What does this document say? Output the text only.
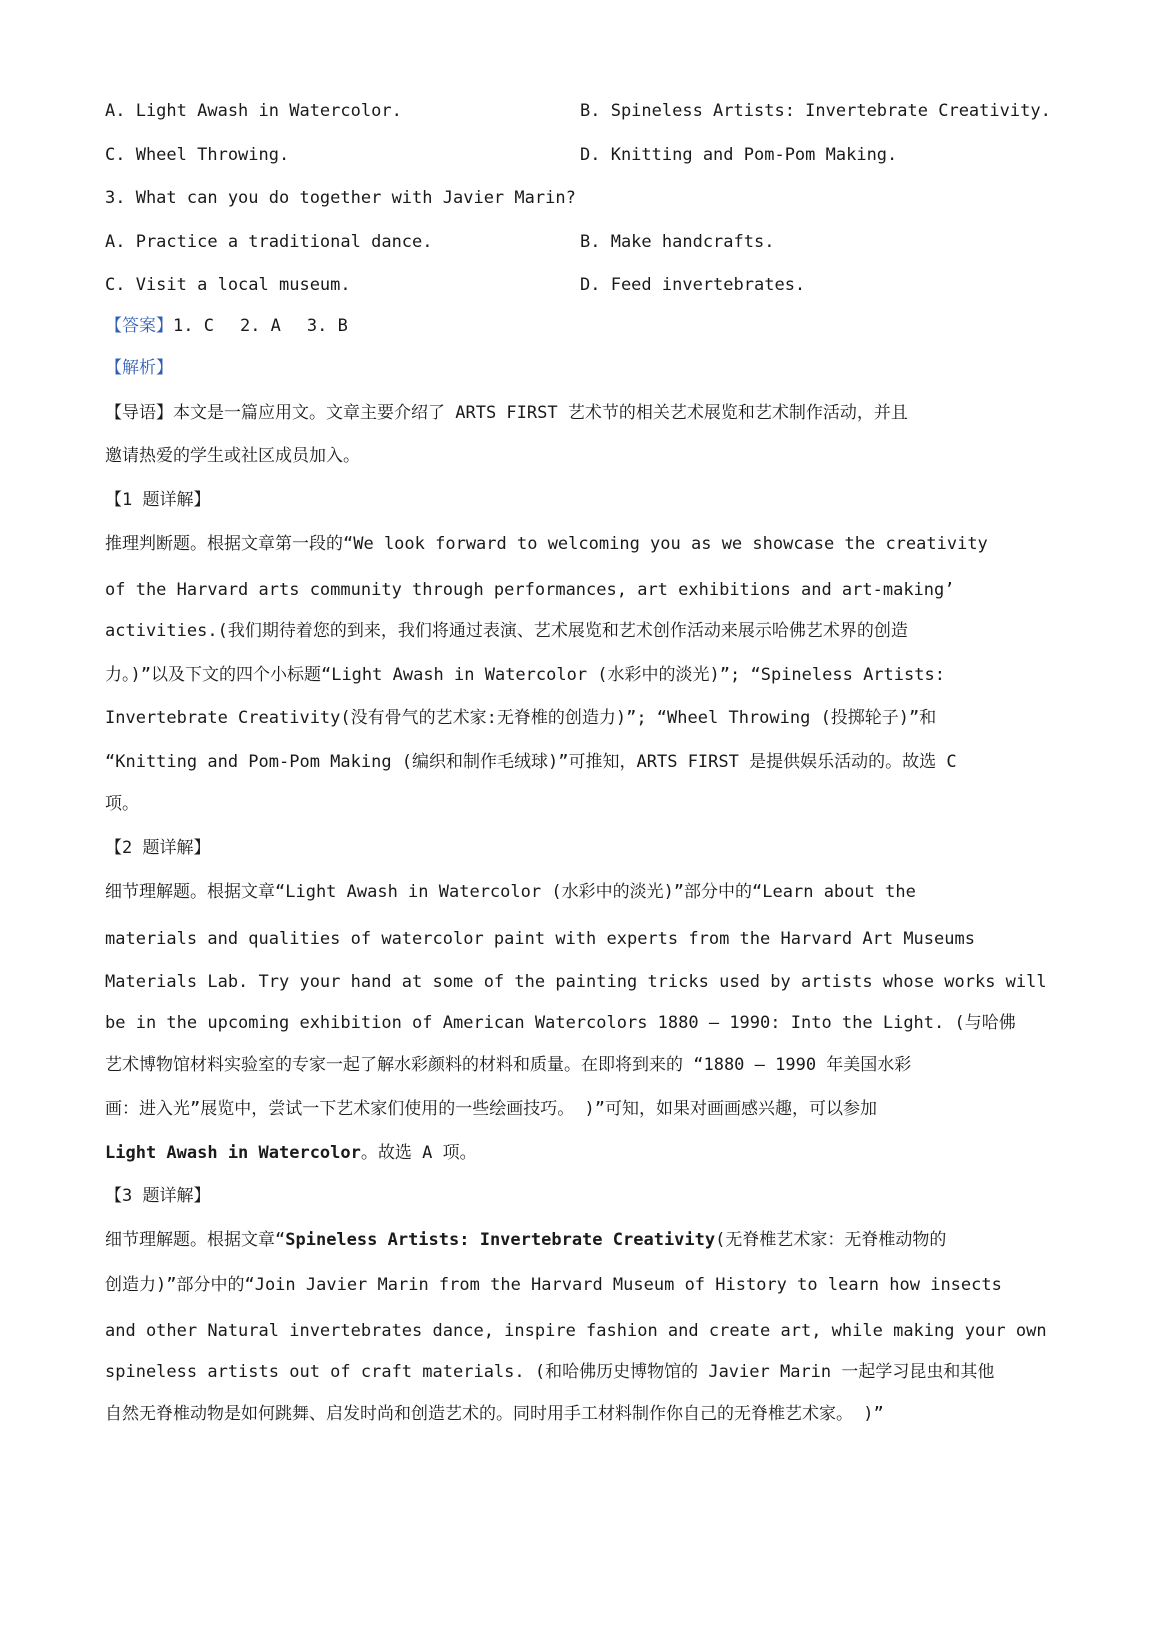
A. Light Awash in Watercolor.	B. Spineless Artists: Invertebrate Creativity.
C. Wheel Throwing.	D. Knitting and Pom-Pom Making.
3. What can you do together with Javier Marin?
A. Practice a traditional dance.	B. Make handcrafts.
C. Visit a local museum.	D. Feed invertebrates.
【答案】1. C 2. A 3. B
【解析】
【导语】本文是一篇应用文。文章主要介绍了 ARTS FIRST 艺术节的相关艺术展览和艺术制作活动，并且
邀请热爱的学生或社区成员加入。
【1 题详解】
推理判断题。根据文章第一段的“We look forward to welcoming you as we showcase the creativity
of the Harvard arts community through performances, art exhibitions and art-making’
activities.(我们期待着您的到来，我们将通过表演、艺术展览和艺术创作活动来展示哈佛艺术界的创造
力。)”以及下文的四个小标题“Light Awash in Watercolor (水彩中的淡光)”; “Spineless Artists:
Invertebrate Creativity(没有骨气的艺术家:无脊椎的创造力)”; “Wheel Throwing (投掷轮子)”和
“Knitting and Pom-Pom Making (编织和制作毛绒球)”可推知，ARTS FIRST 是提供娱乐活动的。故选 C
项。
【2 题详解】
细节理解题。根据文章“Light Awash in Watercolor (水彩中的淡光)”部分中的“Learn about the
materials and qualities of watercolor paint with experts from the Harvard Art Museums
Materials Lab. Try your hand at some of the painting tricks used by artists whose works will
be in the upcoming exhibition of American Watercolors 1880 — 1990: Into the Light. (与哈佛
艺术博物馆材料实验室的专家一起了解水彩颜料的材料和质量。在即将到来的 “1880 — 1990 年美国水彩
画：进入光”展览中，尝试一下艺术家们使用的一些绘画技巧。 )”可知，如果对画画感兴趣，可以参加
Light Awash in Watercolor。故选 A 项。
【3 题详解】
细节理解题。根据文章“Spineless Artists: Invertebrate Creativity(无脊椎艺术家：无脊椎动物的
创造力)”部分中的“Join Javier Marin from the Harvard Museum of History to learn how insects
and other Natural invertebrates dance, inspire fashion and create art, while making your own
spineless artists out of craft materials. (和哈佛历史博物馆的 Javier Marin 一起学习昆虫和其他
自然无脊椎动物是如何跳舞、启发时尚和创造艺术的。同时用手工材料制作你自己的无脊椎艺术家。 )”
